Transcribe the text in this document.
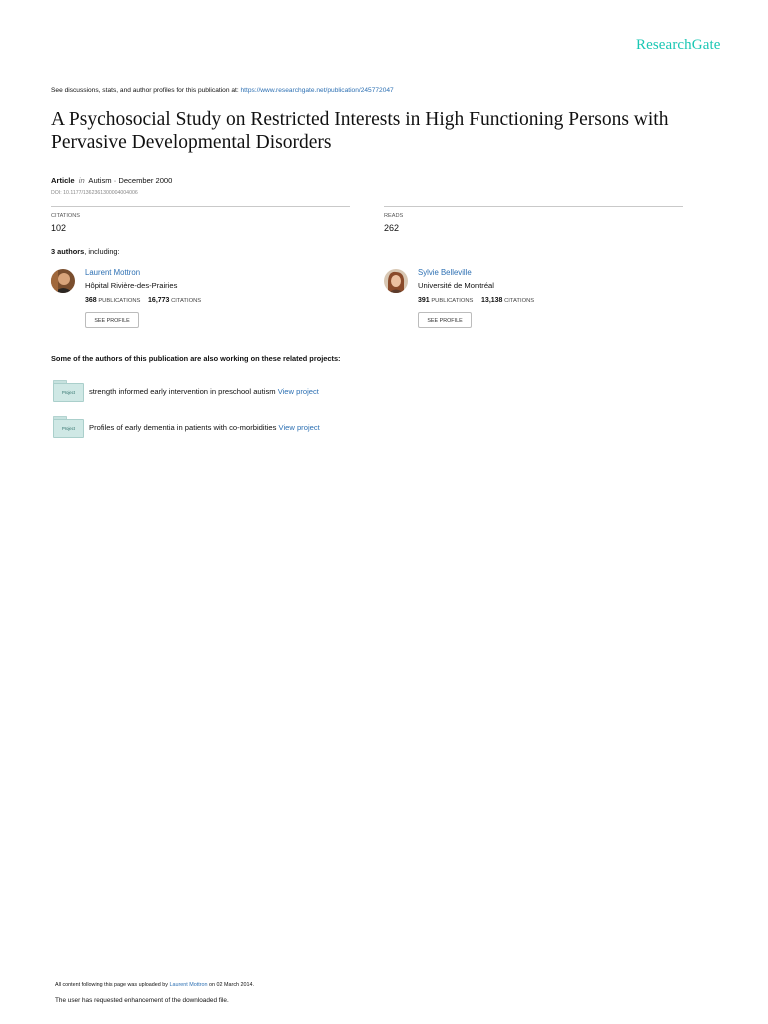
ResearchGate
See discussions, stats, and author profiles for this publication at: https://www.researchgate.net/publication/245772047
A Psychosocial Study on Restricted Interests in High Functioning Persons with Pervasive Developmental Disorders
Article in Autism · December 2000
DOI: 10.1177/1362361300004004006
CITATIONS
102
READS
262
3 authors, including:
Laurent Mottron
Hôpital Rivière-des-Prairies
368 PUBLICATIONS 16,773 CITATIONS
SEE PROFILE
Sylvie Belleville
Université de Montréal
391 PUBLICATIONS 13,138 CITATIONS
SEE PROFILE
Some of the authors of this publication are also working on these related projects:
Project	strength informed early intervention in preschool autism View project
Project	Profiles of early dementia in patients with co-morbidities View project
All content following this page was uploaded by Laurent Mottron on 02 March 2014.
The user has requested enhancement of the downloaded file.
